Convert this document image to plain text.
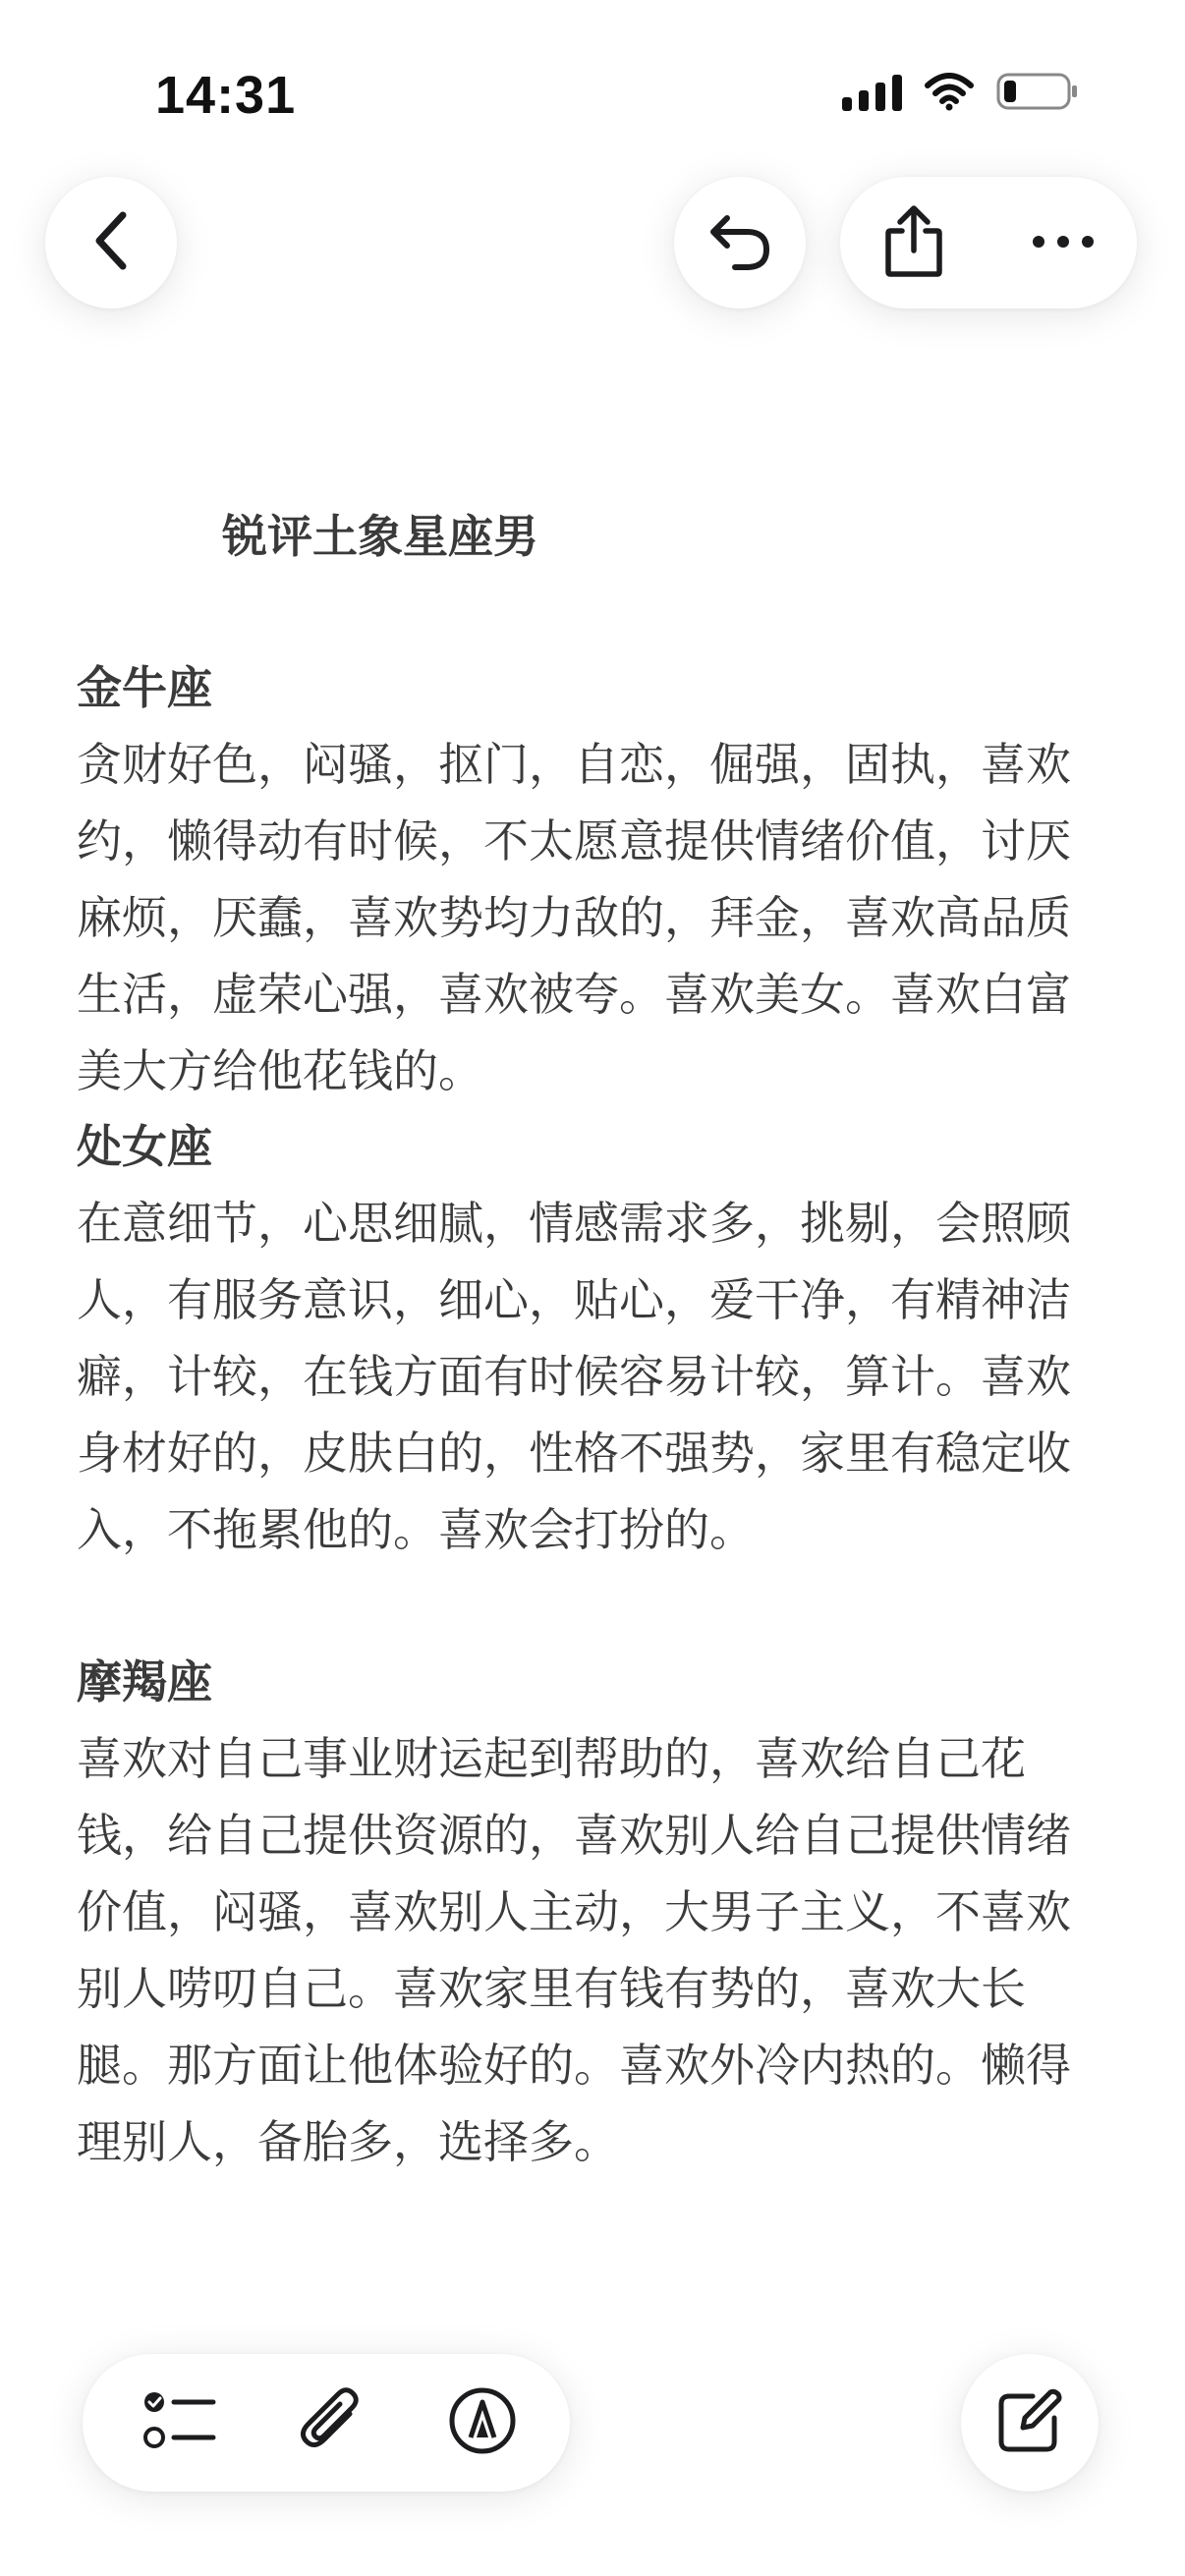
14:31
锐评土象星座男
金牛座

贪财好色，闷骚，抠门，自恋，倔强，固执，喜欢约，懒得动有时候，不太愿意提供情绪价值，讨厌麻烦，厌蠢，喜欢势均力敌的，拜金，喜欢高品质生活，虚荣心强，喜欢被夸。喜欢美女。喜欢白富美大方给他花钱的。

处女座

在意细节，心思细腻，情感需求多，挑剔，会照顾人，有服务意识，细心，贴心，爱干净，有精神洁癖，计较，在钱方面有时候容易计较，算计。喜欢身材好的，皮肤白的，性格不强势，家里有稳定收入，不拖累他的。喜欢会打扮的。

摩羯座

喜欢对自己事业财运起到帮助的，喜欢给自己花钱，给自己提供资源的，喜欢别人给自己提供情绪价值，闷骚，喜欢别人主动，大男子主义，不喜欢别人唠叨自己。喜欢家里有钱有势的，喜欢大长腿。那方面让他体验好的。喜欢外冷内热的。懒得理别人，备胎多，选择多。
